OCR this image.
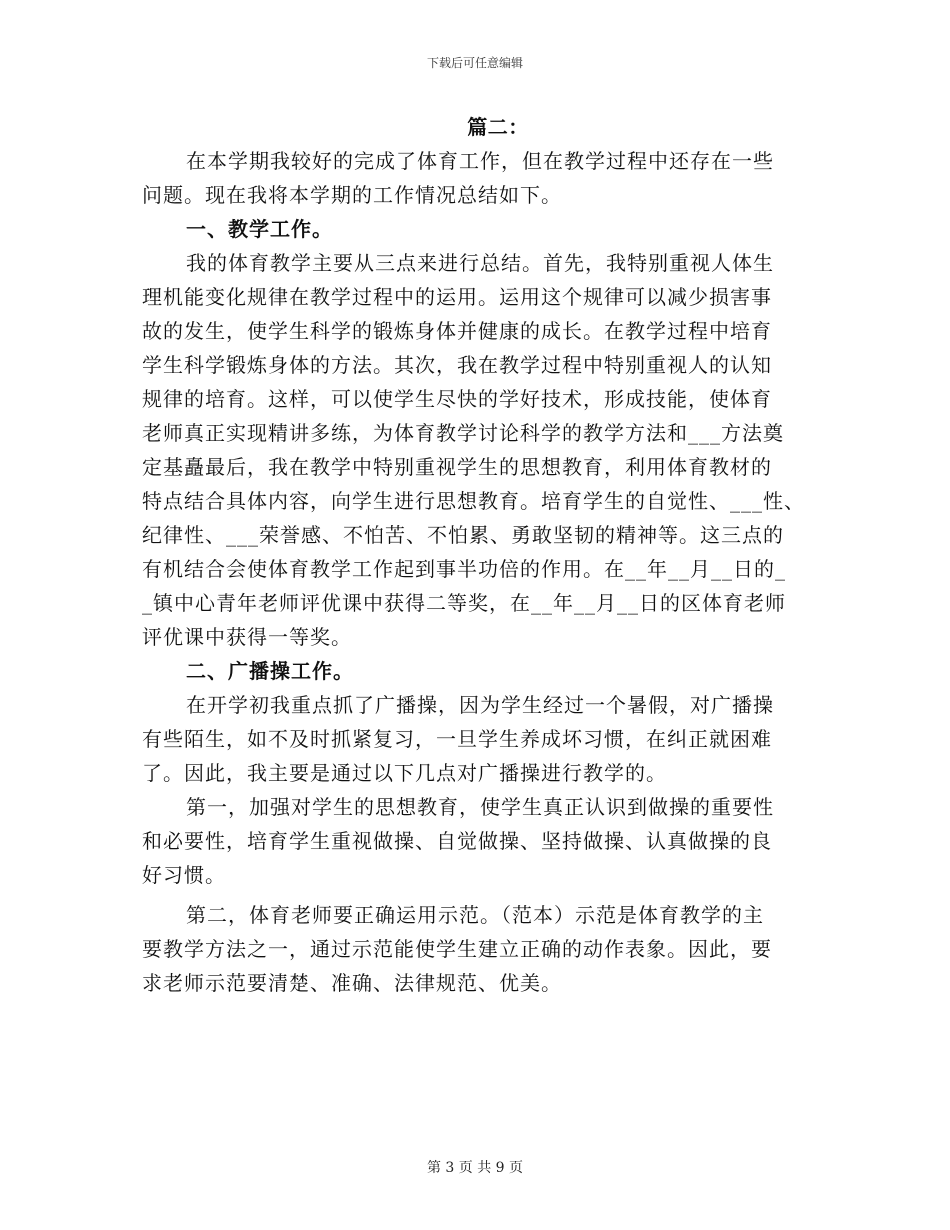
下载后可任意编辑
篇二：
在本学期我较好的完成了体育工作，但在教学过程中还存在一些
问题。现在我将本学期的工作情况总结如下。
一、教学工作。
我的体育教学主要从三点来进行总结。首先，我特别重视人体生
理机能变化规律在教学过程中的运用。运用这个规律可以减少损害事
故的发生，使学生科学的锻炼身体并健康的成长。在教学过程中培育
学生科学锻炼身体的方法。其次，我在教学过程中特别重视人的认知
规律的培育。这样，可以使学生尽快的学好技术，形成技能，使体育
老师真正实现精讲多练，为体育教学讨论科学的教学方法和___方法奠
定基矗最后，我在教学中特别重视学生的思想教育，利用体育教材的
特点结合具体内容，向学生进行思想教育。培育学生的自觉性、___性、
纪律性、___荣誉感、不怕苦、不怕累、勇敢坚韧的精神等。这三点的
有机结合会使体育教学工作起到事半功倍的作用。在__年__月__日的_
_镇中心青年老师评优课中获得二等奖，在__年__月__日的区体育老师
评优课中获得一等奖。
二、广播操工作。
在开学初我重点抓了广播操，因为学生经过一个暑假，对广播操
有些陌生，如不及时抓紧复习，一旦学生养成坏习惯，在纠正就困难
了。因此，我主要是通过以下几点对广播操进行教学的。
第一，加强对学生的思想教育，使学生真正认识到做操的重要性
和必要性，培育学生重视做操、自觉做操、坚持做操、认真做操的良
好习惯。
第二，体育老师要正确运用示范。（范本）示范是体育教学的主
要教学方法之一，通过示范能使学生建立正确的动作表象。因此，要
求老师示范要清楚、准确、法律规范、优美。
第 3 页 共 9 页
